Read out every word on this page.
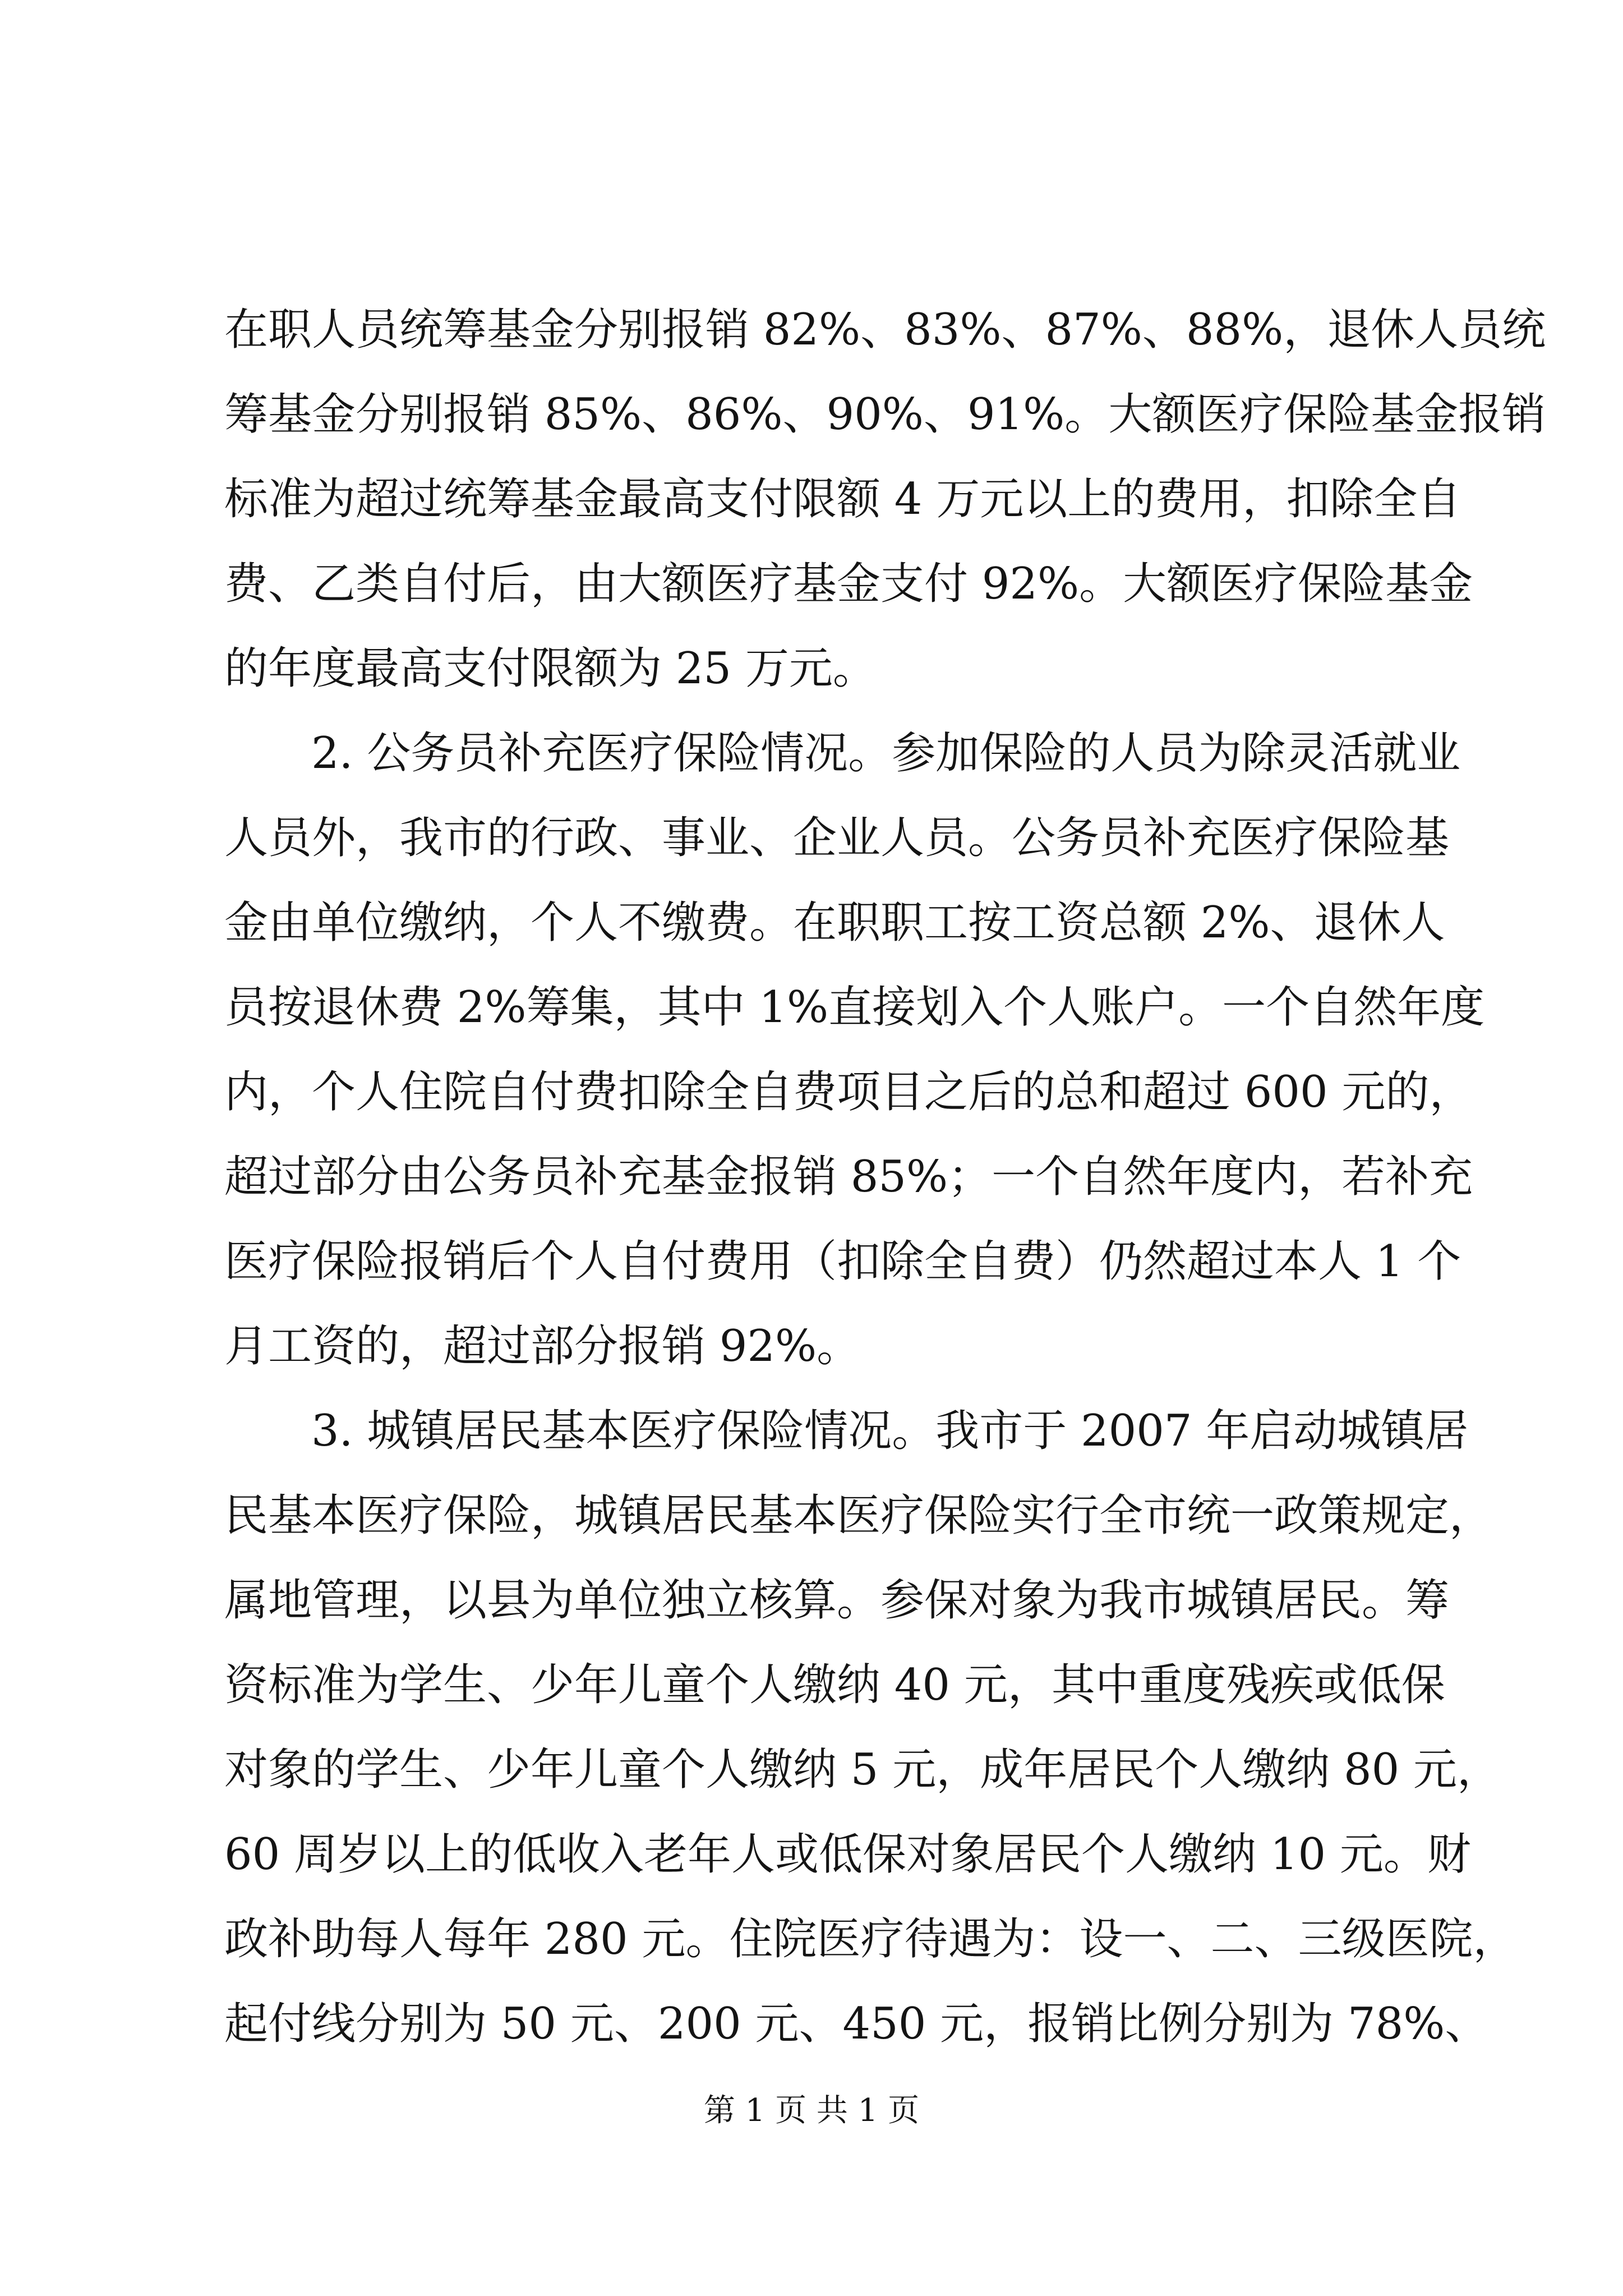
在职人员统筹基金分别报销 82%、83%、87%、88%，退休人员统
筹基金分别报销 85%、86%、90%、91%。大额医疗保险基金报销
标准为超过统筹基金最高支付限额 4 万元以上的费用，扣除全自
费、乙类自付后，由大额医疗基金支付 92%。大额医疗保险基金
的年度最高支付限额为 25 万元。
2. 公务员补充医疗保险情况。参加保险的人员为除灵活就业
人员外，我市的行政、事业、企业人员。公务员补充医疗保险基
金由单位缴纳，个人不缴费。在职职工按工资总额 2%、退休人
员按退休费 2%筹集，其中 1%直接划入个人账户。一个自然年度
内，个人住院自付费扣除全自费项目之后的总和超过 600 元的，
超过部分由公务员补充基金报销 85%；一个自然年度内，若补充
医疗保险报销后个人自付费用（扣除全自费）仍然超过本人 1 个
月工资的，超过部分报销 92%。
3. 城镇居民基本医疗保险情况。我市于 2007 年启动城镇居
民基本医疗保险，城镇居民基本医疗保险实行全市统一政策规定，
属地管理，以县为单位独立核算。参保对象为我市城镇居民。筹
资标准为学生、少年儿童个人缴纳 40 元，其中重度残疾或低保
对象的学生、少年儿童个人缴纳 5 元，成年居民个人缴纳 80 元，
60 周岁以上的低收入老年人或低保对象居民个人缴纳 10 元。财
政补助每人每年 280 元。住院医疗待遇为：设一、二、三级医院，
起付线分别为 50 元、200 元、450 元，报销比例分别为 78%、
第 1 页 共 1 页
